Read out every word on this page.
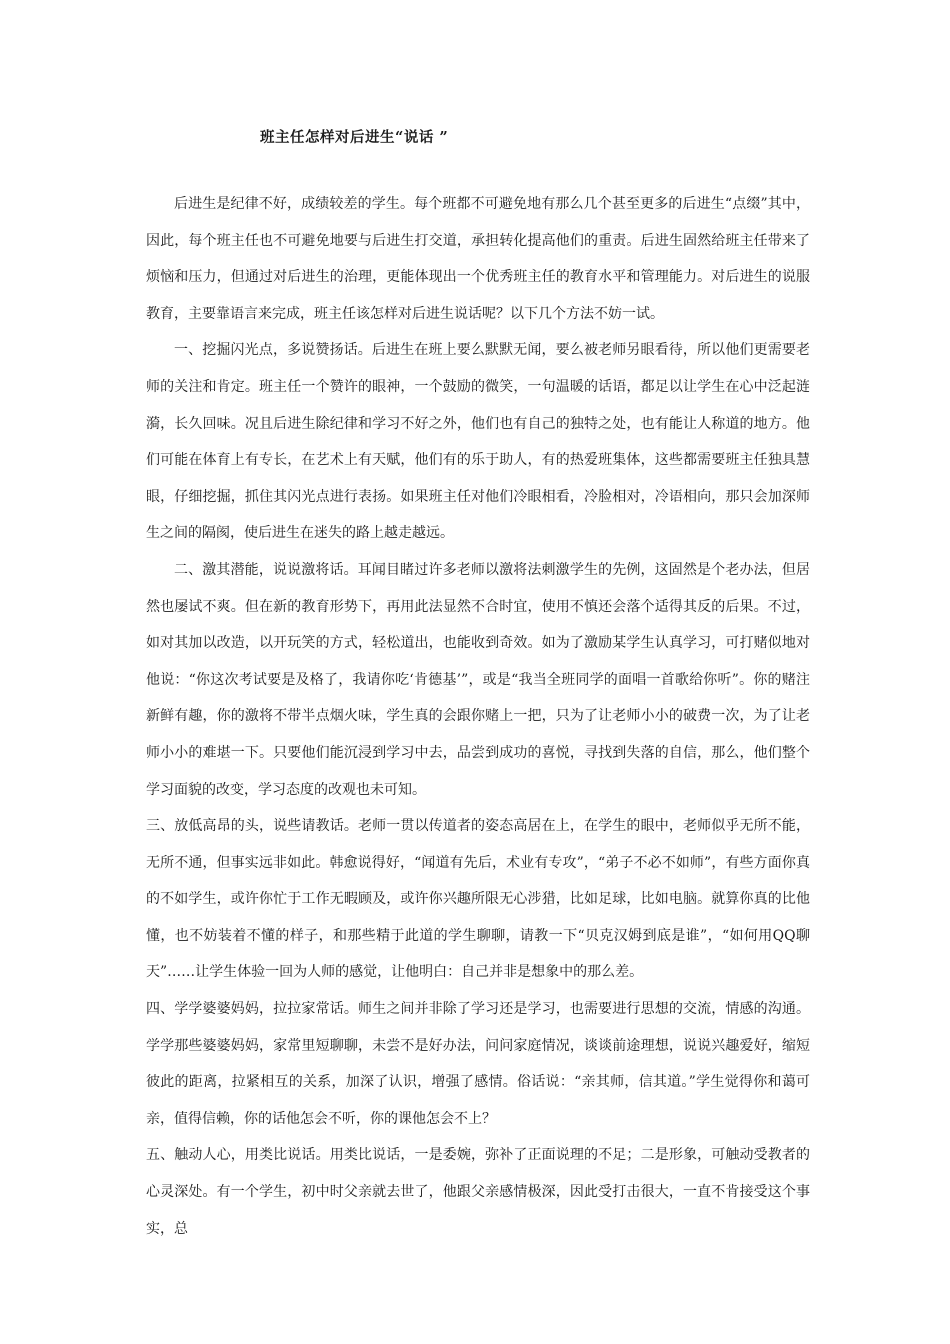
班主任怎样对后进生“说话 ”

后进生是纪律不好，成绩较差的学生。每个班都不可避免地有那么几个甚至更多的后进生“点缀”其中，因此，每个班主任也不可避免地要与后进生打交道，承担转化提高他们的重责。后进生固然给班主任带来了烦恼和压力，但通过对后进生的治理，更能体现出一个优秀班主任的教育水平和管理能力。对后进生的说服教育，主要靠语言来完成，班主任该怎样对后进生说话呢？以下几个方法不妨一试。

一、挖掘闪光点，多说赞扬话。后进生在班上要么默默无闻，要么被老师另眼看待，所以他们更需要老师的关注和肯定。班主任一个赞许的眼神，一个鼓励的微笑，一句温暖的话语，都足以让学生在心中泛起涟漪，长久回味。况且后进生除纪律和学习不好之外，他们也有自己的独特之处，也有能让人称道的地方。他们可能在体育上有专长，在艺术上有天赋，他们有的乐于助人，有的热爱班集体，这些都需要班主任独具慧眼，仔细挖掘，抓住其闪光点进行表扬。如果班主任对他们冷眼相看，冷脸相对，冷语相向，那只会加深师生之间的隔阂，使后进生在迷失的路上越走越远。

二、激其潜能，说说激将话。耳闻目睹过许多老师以激将法刺激学生的先例，这固然是个老办法，但居然也屡试不爽。但在新的教育形势下，再用此法显然不合时宜，使用不慎还会落个适得其反的后果。不过，如对其加以改造，以开玩笑的方式，轻松道出，也能收到奇效。如为了激励某学生认真学习，可打赌似地对他说：“你这次考试要是及格了，我请你吃‘肯德基’”，或是“我当全班同学的面唱一首歌给你听”。你的赌注新鲜有趣，你的激将不带半点烟火味，学生真的会跟你赌上一把，只为了让老师小小的破费一次，为了让老师小小的难堪一下。只要他们能沉浸到学习中去，品尝到成功的喜悦，寻找到失落的自信，那么，他们整个学习面貌的改变，学习态度的改观也未可知。

三、放低高昂的头，说些请教话。老师一贯以传道者的姿态高居在上，在学生的眼中，老师似乎无所不能，无所不通，但事实远非如此。韩愈说得好，“闻道有先后，术业有专攻”，“弟子不必不如师”，有些方面你真的不如学生，或许你忙于工作无暇顾及，或许你兴趣所限无心涉猎，比如足球，比如电脑。就算你真的比他懂，也不妨装着不懂的样子，和那些精于此道的学生聊聊，请教一下“贝克汉姆到底是谁”，“如何用QQ聊天”……让学生体验一回为人师的感觉，让他明白：自己并非是想象中的那么差。

四、学学婆婆妈妈，拉拉家常话。师生之间并非除了学习还是学习，也需要进行思想的交流，情感的沟通。学学那些婆婆妈妈，家常里短聊聊，未尝不是好办法，问问家庭情况，谈谈前途理想，说说兴趣爱好，缩短彼此的距离，拉紧相互的关系，加深了认识，增强了感情。俗话说：“亲其师，信其道。”学生觉得你和蔼可亲，值得信赖，你的话他怎会不听，你的课他怎会不上？

五、触动人心，用类比说话。用类比说话，一是委婉，弥补了正面说理的不足；二是形象，可触动受教者的心灵深处。有一个学生，初中时父亲就去世了，他跟父亲感情极深，因此受打击很大，一直不肯接受这个事实，总
